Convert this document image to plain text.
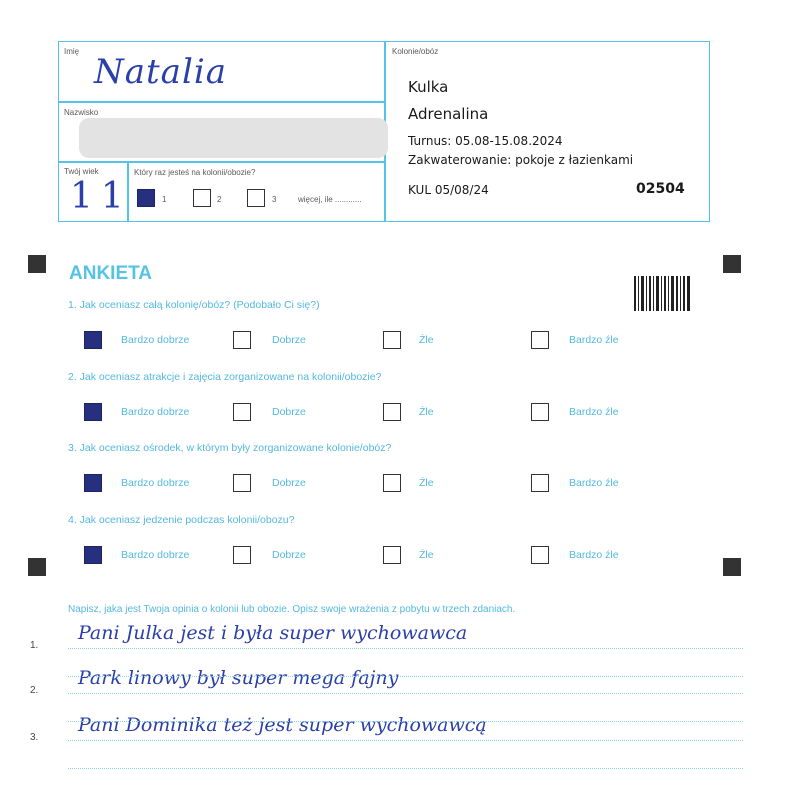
Imię
Natalia
Nazwisko
Twój wiek
11
Który raz jesteś na kolonii/obozie?
1	2	3	więcej, ile ............
Kolonie/obóz
Kulka
Adrenalina
Turnus: 05.08-15.08.2024
Zakwaterowanie: pokoje z łazienkami
KUL 05/08/24	02504
ANKIETA
1. Jak oceniasz całą kolonię/obóz? (Podobało Ci się?)
Bardzo dobrze	Dobrze	Źle	Bardzo źle
2. Jak oceniasz atrakcje i zajęcia zorganizowane na kolonii/obozie?
Bardzo dobrze	Dobrze	Źle	Bardzo źle
3. Jak oceniasz ośrodek, w którym były zorganizowane kolonie/obóz?
Bardzo dobrze	Dobrze	Źle	Bardzo źle
4. Jak oceniasz jedzenie podczas kolonii/obozu?
Bardzo dobrze	Dobrze	Źle	Bardzo źle
Napisz, jaka jest Twoja opinia o kolonii lub obozie. Opisz swoje wrażenia z pobytu w trzech zdaniach.
1.
Pani Julka jest i była super wychowawca
2.
Park linowy był super mega fajny
3.
Pani Dominika też jest super wychowawcą
